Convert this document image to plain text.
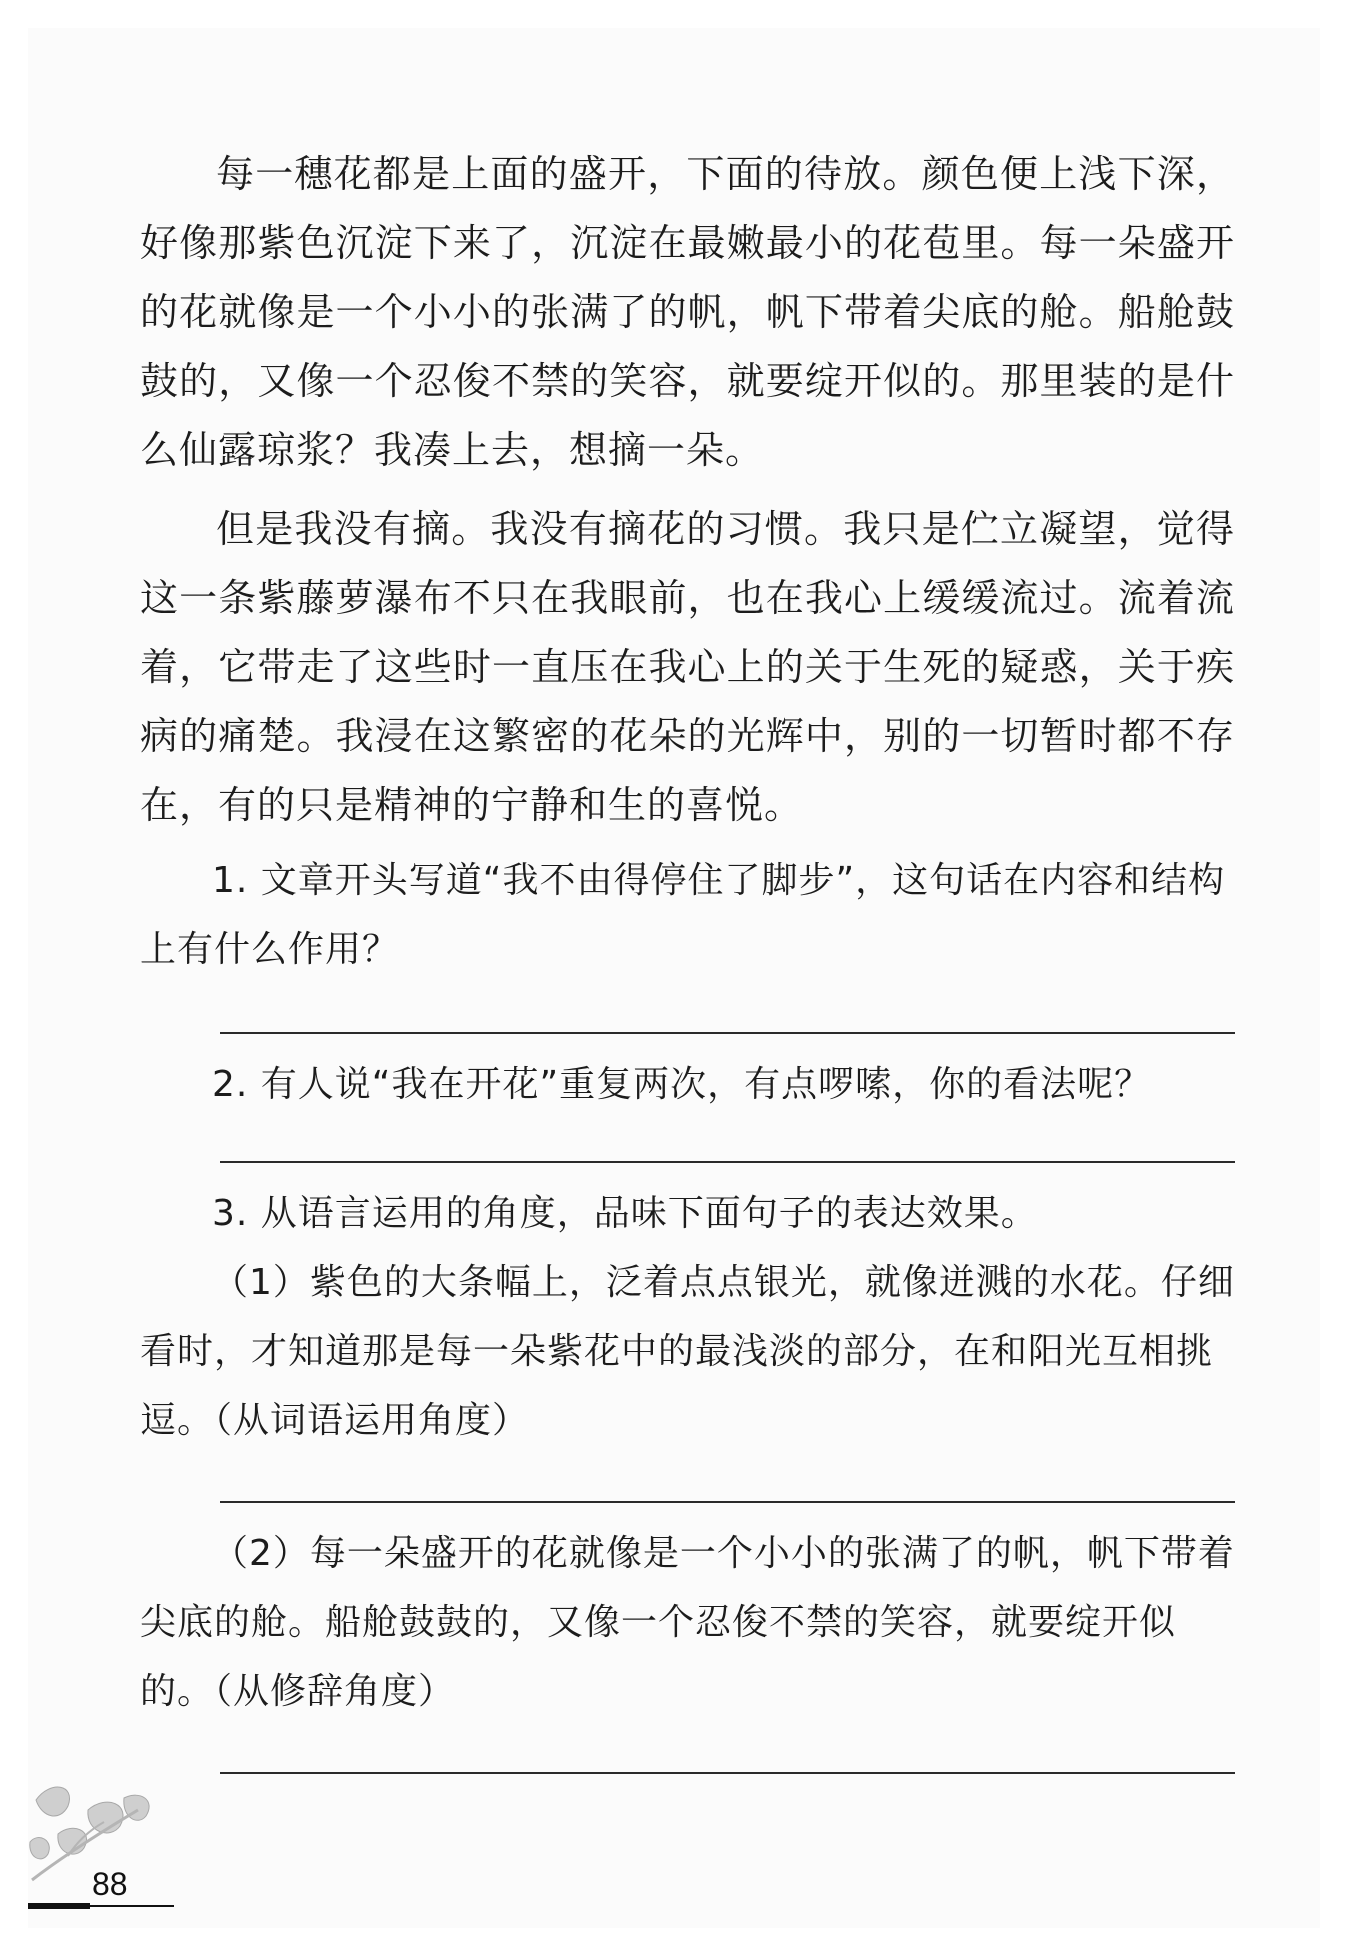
每一穗花都是上面的盛开，下面的待放。颜色便上浅下深，好像那紫色沉淀下来了，沉淀在最嫩最小的花苞里。每一朵盛开的花就像是一个小小的张满了的帆，帆下带着尖底的舱。船舱鼓鼓的，又像一个忍俊不禁的笑容，就要绽开似的。那里装的是什么仙露琼浆？我凑上去，想摘一朵。

但是我没有摘。我没有摘花的习惯。我只是伫立凝望，觉得这一条紫藤萝瀑布不只在我眼前，也在我心上缓缓流过。流着流着，它带走了这些时一直压在我心上的关于生死的疑惑，关于疾病的痛楚。我浸在这繁密的花朵的光辉中，别的一切暂时都不存在，有的只是精神的宁静和生的喜悦。

1. 文章开头写道“我不由得停住了脚步”，这句话在内容和结构上有什么作用？

2. 有人说“我在开花”重复两次，有点啰嗦，你的看法呢？

3. 从语言运用的角度，品味下面句子的表达效果。

（1）紫色的大条幅上，泛着点点银光，就像迸溅的水花。仔细看时，才知道那是每一朵紫花中的最浅淡的部分，在和阳光互相挑逗。（从词语运用角度）

（2）每一朵盛开的花就像是一个小小的张满了的帆，帆下带着尖底的舱。船舱鼓鼓的，又像一个忍俊不禁的笑容，就要绽开似的。（从修辞角度）

88
